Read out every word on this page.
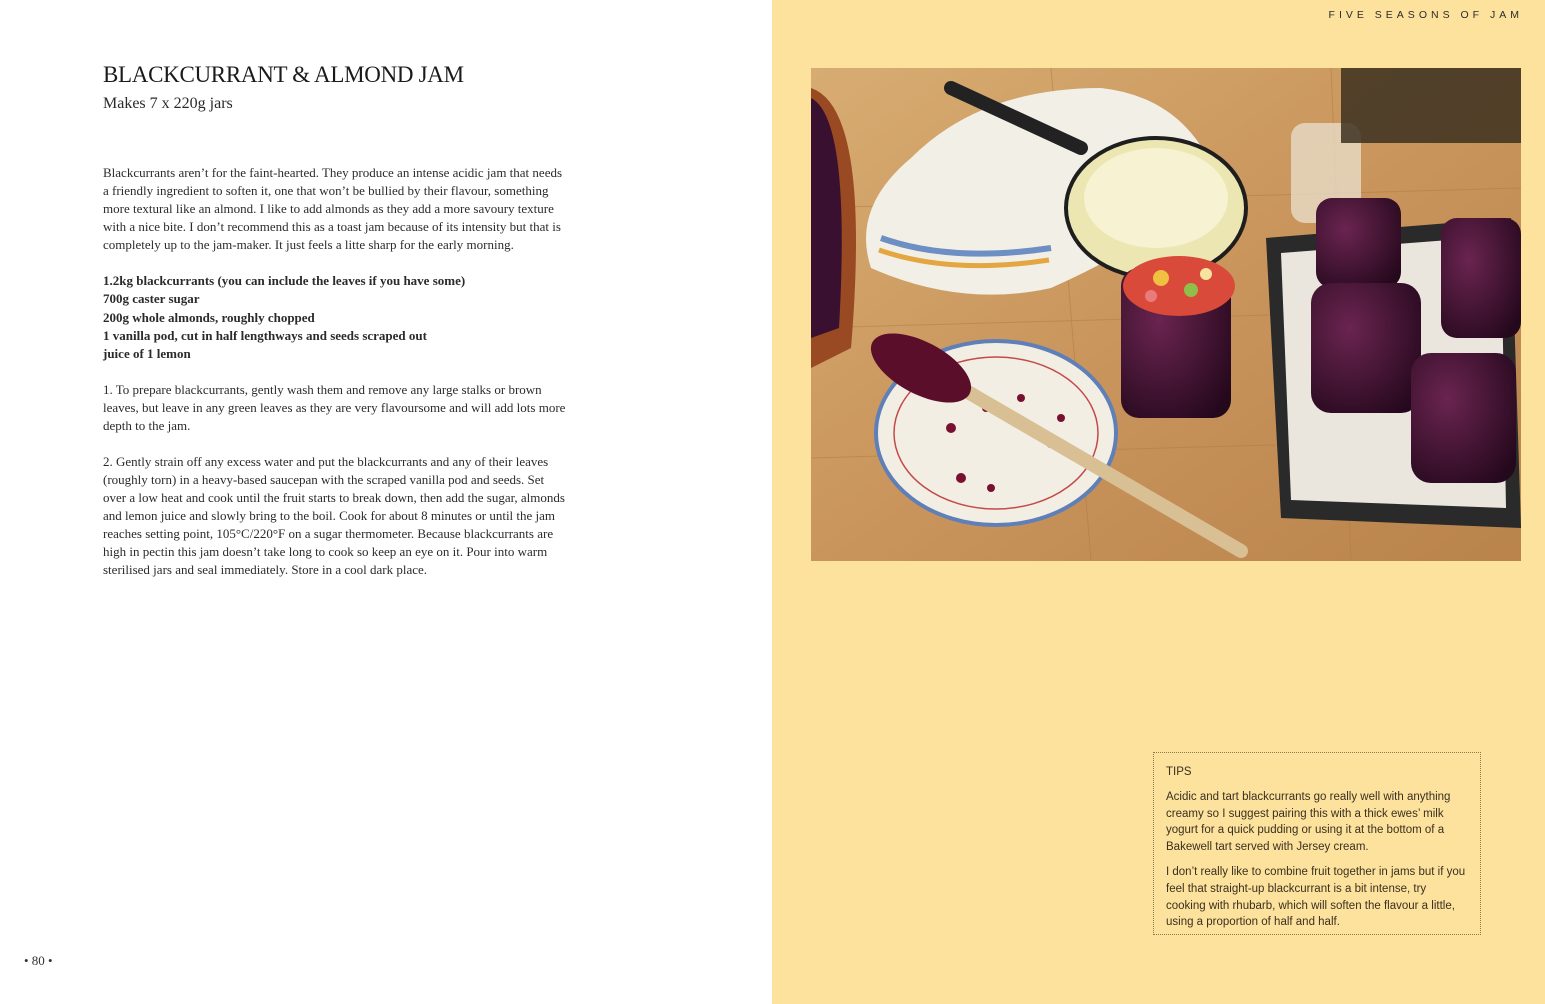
BLACKCURRANT & ALMOND JAM
Makes 7 x 220g jars
Blackcurrants aren’t for the faint-hearted. They produce an intense acidic jam that needs
a friendly ingredient to soften it, one that won’t be bullied by their flavour, something
more textural like an almond. I like to add almonds as they add a more savoury texture
with a nice bite. I don’t recommend this as a toast jam because of its intensity but that is
completely up to the jam-maker. It just feels a litte sharp for the early morning.
1.2kg blackcurrants (you can include the leaves if you have some)
700g caster sugar
200g whole almonds, roughly chopped
1 vanilla pod, cut in half lengthways and seeds scraped out
juice of 1 lemon
1. To prepare blackcurrants, gently wash them and remove any large stalks or brown
leaves, but leave in any green leaves as they are very flavoursome and will add lots more
depth to the jam.
2. Gently strain off any excess water and put the blackcurrants and any of their leaves
(roughly torn) in a heavy-based saucepan with the scraped vanilla pod and seeds. Set
over a low heat and cook until the fruit starts to break down, then add the sugar, almonds
and lemon juice and slowly bring to the boil. Cook for about 8 minutes or until the jam
reaches setting point, 105°C/220°F on a sugar thermometer. Because blackcurrants are
high in pectin this jam doesn’t take long to cook so keep an eye on it. Pour into warm
sterilised jars and seal immediately. Store in a cool dark place.
• 80 •
FIVE SEASONS OF JAM

TIPS

Acidic and tart blackcurrants go really well with anything creamy so I suggest pairing this with a thick ewes’ milk yogurt for a quick pudding or using it at the bottom of a Bakewell tart served with Jersey cream.

I don’t really like to combine fruit together in jams but if you feel that straight-up blackcurrant is a bit intense, try cooking with rhubarb, which will soften the flavour a little, using a proportion of half and half.
